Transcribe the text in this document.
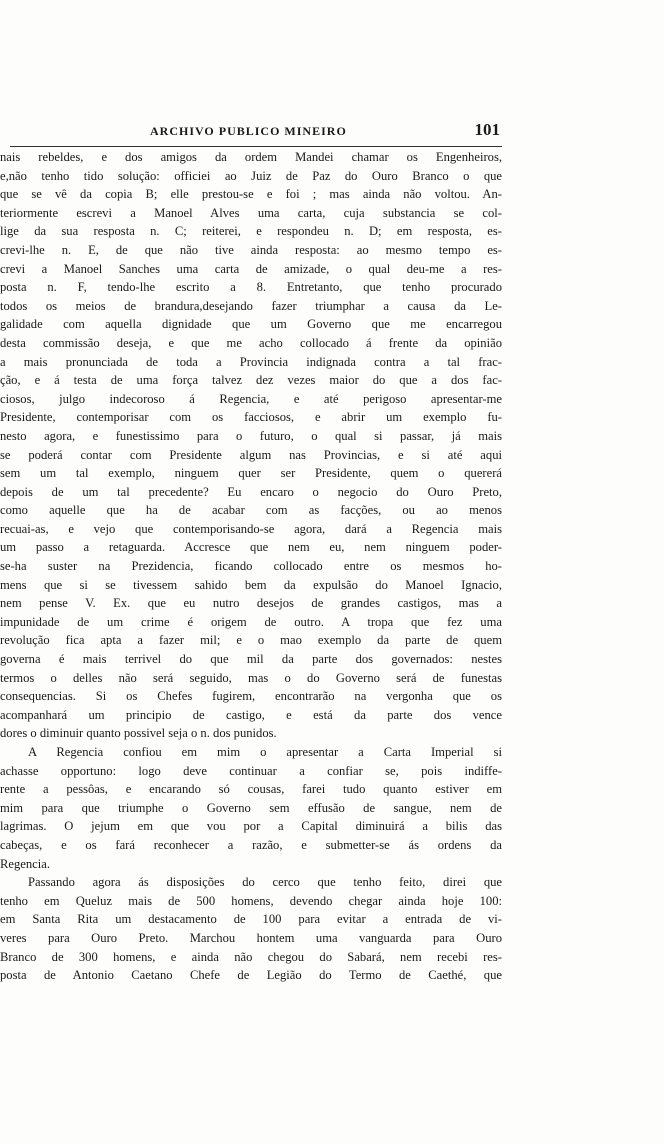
ARCHIVO PUBLICO MINEIRO	101
nais rebeldes, e dos amigos da ordem Mandei chamar os Engenheiros,
e,não tenho tido solução: officiei ao Juiz de Paz do Ouro Branco o que
que se vê da copia B; elle prestou-se e foi ; mas ainda não voltou. An-
teriormente escrevi a Manoel Alves uma carta, cuja substancia se col-
lige da sua resposta n. C; reiterei, e respondeu n. D; em resposta, es-
crevi-lhe n. E, de que não tive ainda resposta: ao mesmo tempo es-
crevi a Manoel Sanches uma carta de amizade, o qual deu-me a res-
posta n. F, tendo-lhe escrito a 8. Entretanto, que tenho procurado
todos os meios de brandura,desejando fazer triumphar a causa da Le-
galidade com aquella dignidade que um Governo que me encarregou
desta commissão deseja, e que me acho collocado á frente da opinião
a mais pronunciada de toda a Provincia indignada contra a tal frac-
ção, e á testa de uma força talvez dez vezes maior do que a dos fac-
ciosos, julgo indecoroso á Regencia, e até perigoso apresentar-me
Presidente, contemporisar com os facciosos, e abrir um exemplo fu-
nesto agora, e funestissimo para o futuro, o qual si passar, já mais
se poderá contar com Presidente algum nas Provincias, e si até aqui
sem um tal exemplo, ninguem quer ser Presidente, quem o quererá
depois de um tal precedente? Eu encaro o negocio do Ouro Preto,
como aquelle que ha de acabar com as facções, ou ao menos
recuai-as, e vejo que contemporisando-se agora, dará a Regencia mais
um passo a retaguarda. Accresce que nem eu, nem ninguem poder-
se-ha suster na Prezidencia, ficando collocado entre os mesmos ho-
mens que si se tivessem sahido bem da expulsão do Manoel Ignacio,
nem pense V. Ex. que eu nutro desejos de grandes castigos, mas a
impunidade de um crime é origem de outro. A tropa que fez uma
revolução fica apta a fazer mil; e o mao exemplo da parte de quem
governa é mais terrivel do que mil da parte dos governados: nestes
termos o delles não será seguido, mas o do Governo será de funestas
consequencias. Si os Chefes fugirem, encontrarão na vergonha que os
acompanhará um principio de castigo, e está da parte dos vence
dores o diminuir quanto possivel seja o n. dos punidos.
A Regencia confiou em mim o apresentar a Carta Imperial si
achasse opportuno: logo deve continuar a confiar se, pois indiffe-
rente a pessôas, e encarando só cousas, farei tudo quanto estiver em
mim para que triumphe o Governo sem effusão de sangue, nem de
lagrimas. O jejum em que vou por a Capital diminuirá a bilis das
cabeças, e os fará reconhecer a razão, e submetter-se ás ordens da
Regencia.
Passando agora ás disposições do cerco que tenho feito, direi que
tenho em Queluz mais de 500 homens, devendo chegar ainda hoje 100:
em Santa Rita um destacamento de 100 para evitar a entrada de vi-
veres para Ouro Preto. Marchou hontem uma vanguarda para Ouro
Branco de 300 homens, e ainda não chegou do Sabará, nem recebi res-
posta de Antonio Caetano Chefe de Legião do Termo de Caethé, que
